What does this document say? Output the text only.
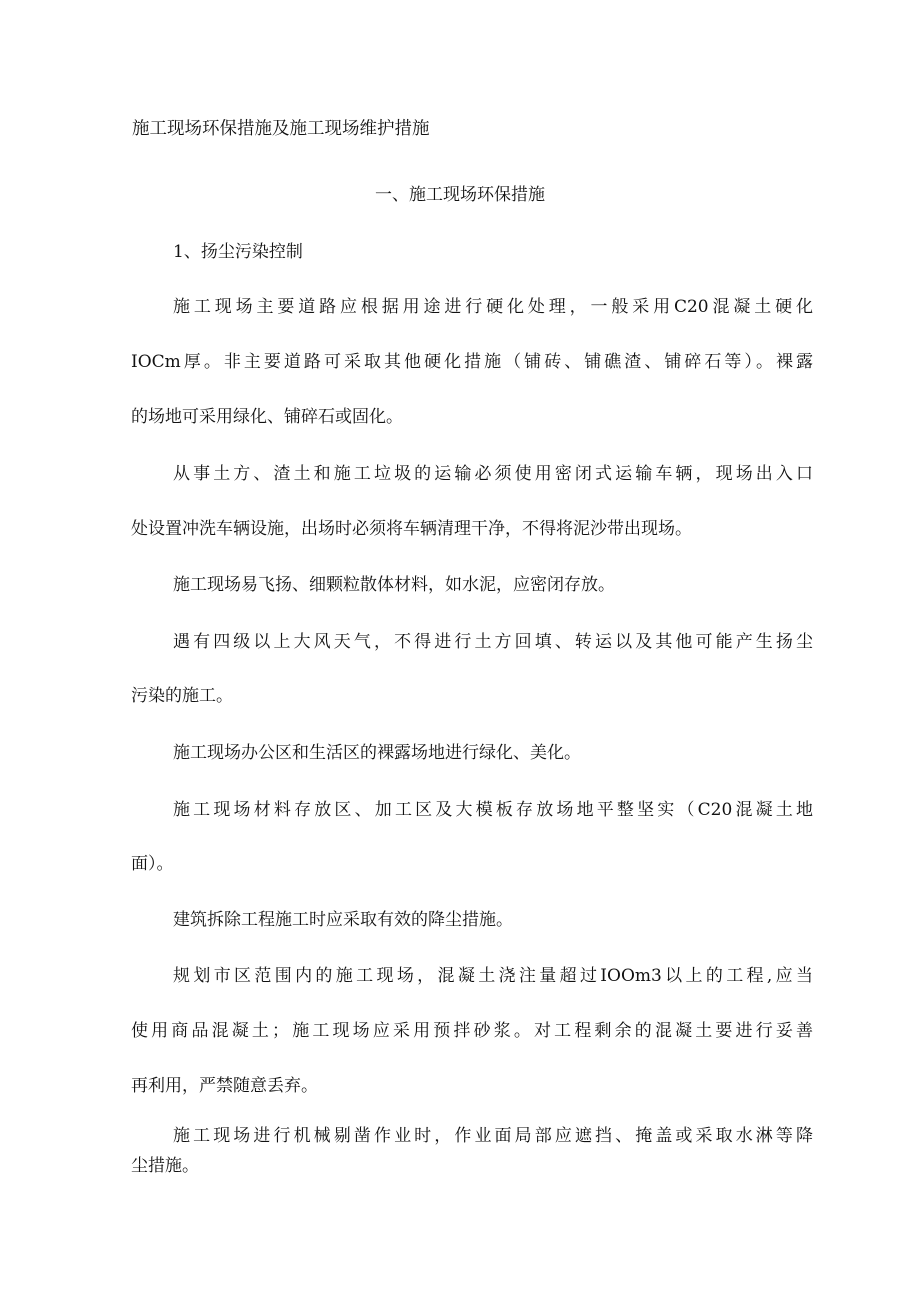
施工现场环保措施及施工现场维护措施
一、施工现场环保措施
1、扬尘污染控制
施工现场主要道路应根据用途进行硬化处理，一般采用C20混凝土硬化
IOCm厚。非主要道路可采取其他硬化措施（铺砖、铺礁渣、铺碎石等）。裸露
的场地可采用绿化、铺碎石或固化。
从事土方、渣土和施工垃圾的运输必须使用密闭式运输车辆，现场出入口
处设置冲洗车辆设施，出场时必须将车辆清理干净，不得将泥沙带出现场。
施工现场易飞扬、细颗粒散体材料，如水泥，应密闭存放。
遇有四级以上大风天气，不得进行土方回填、转运以及其他可能产生扬尘
污染的施工。
施工现场办公区和生活区的裸露场地进行绿化、美化。
施工现场材料存放区、加工区及大模板存放场地平整坚实（C20混凝土地
面）。
建筑拆除工程施工时应采取有效的降尘措施。
规划市区范围内的施工现场，混凝土浇注量超过IOOm3以上的工程,应当
使用商品混凝土；施工现场应采用预拌砂浆。对工程剩余的混凝土要进行妥善
再利用，严禁随意丢弃。
施工现场进行机械剔凿作业时，作业面局部应遮挡、掩盖或采取水淋等降
尘措施。
